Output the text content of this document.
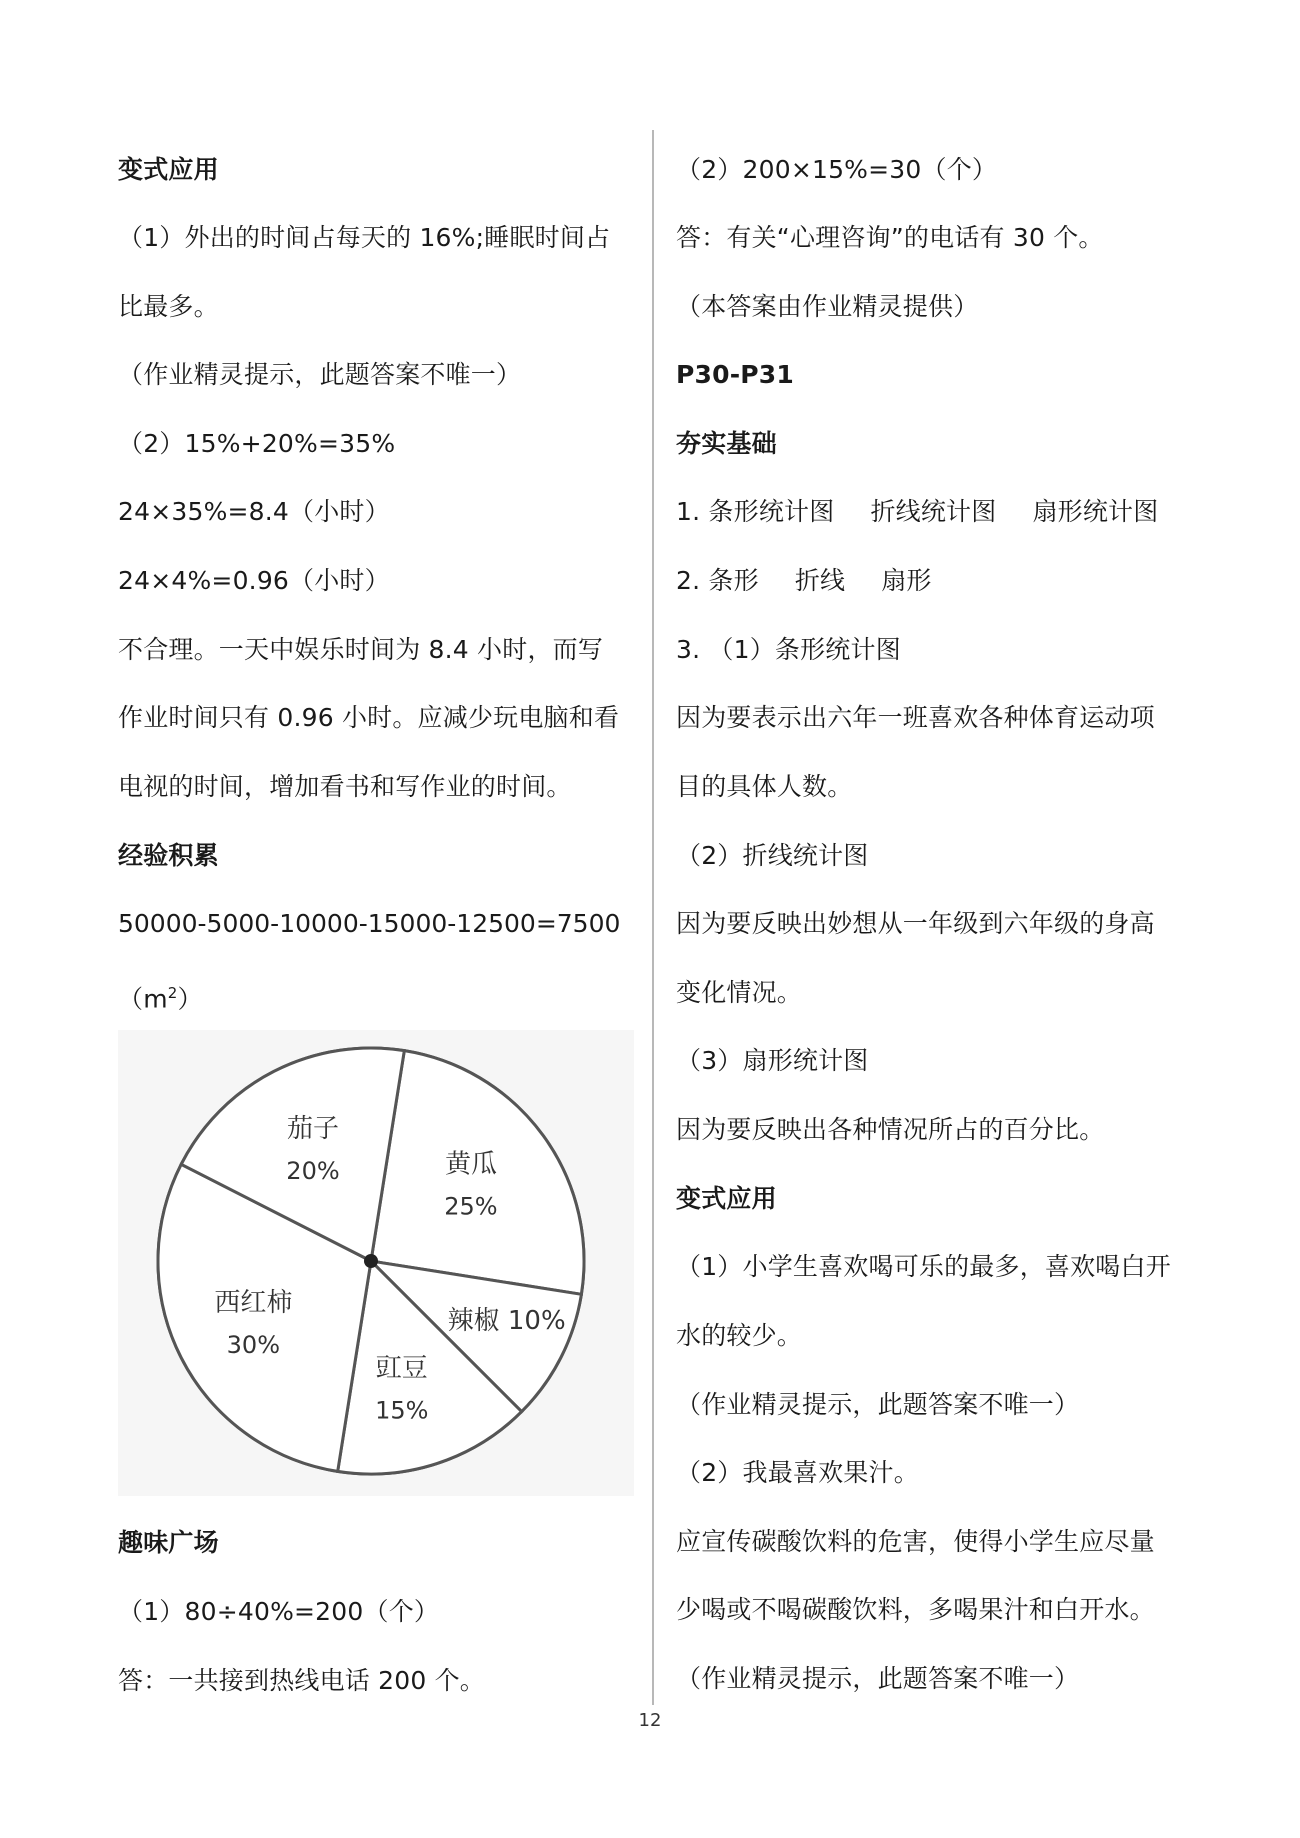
变式应用
（1）外出的时间占每天的 16%;睡眠时间占
比最多。
（作业精灵提示，此题答案不唯一）
（2）15%+20%=35%
24×35%=8.4（小时）
24×4%=0.96（小时）
不合理。一天中娱乐时间为 8.4 小时，而写
作业时间只有 0.96 小时。应减少玩电脑和看
电视的时间，增加看书和写作业的时间。
经验积累
50000-5000-10000-15000-12500=7500
$(m^2)$
趣味广场
（1）80÷40%=200（个）
答：一共接到热线电话 200 个。
黄瓜
25%
辣椒 10%
豇豆
15%
西红柿
30%
茄子
20%
（2）200×15%=30（个）
答：有关“心理咨询”的电话有 30 个。
（本答案由作业精灵提供）
P30-P31
夯实基础
1. 条形统计图 折线统计图 扇形统计图
2. 条形 折线 扇形
3. （1）条形统计图
因为要表示出六年一班喜欢各种体育运动项
目的具体人数。
（2）折线统计图
因为要反映出妙想从一年级到六年级的身高
变化情况。
（3）扇形统计图
因为要反映出各种情况所占的百分比。
变式应用
（1）小学生喜欢喝可乐的最多，喜欢喝白开
水的较少。
（作业精灵提示，此题答案不唯一）
（2）我最喜欢果汁。
应宣传碳酸饮料的危害，使得小学生应尽量
少喝或不喝碳酸饮料，多喝果汁和白开水。
（作业精灵提示，此题答案不唯一）
12
